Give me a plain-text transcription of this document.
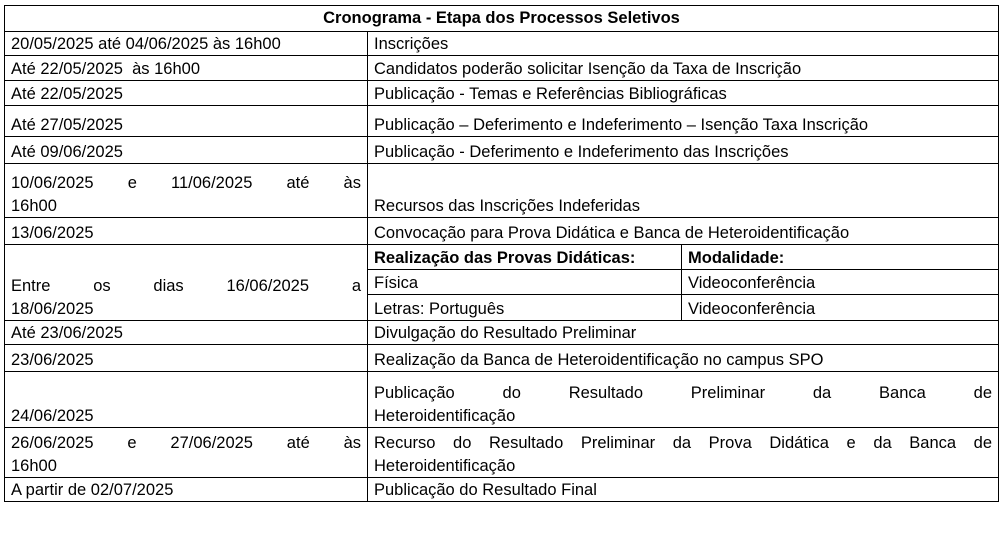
Cronograma - Etapa dos Processos Seletivos		
20/05/2025 até 04/06/2025 às 16h00	Inscrições	
Até 22/05/2025  às 16h00	Candidatos poderão solicitar Isenção da Taxa de Inscrição	
Até 22/05/2025	Publicação - Temas e Referências Bibliográficas	
Até 27/05/2025	Publicação – Deferimento e Indeferimento – Isenção Taxa Inscrição	
Até 09/06/2025	Publicação - Deferimento e Indeferimento das Inscrições	

10/06/2025 e 11/06/2025 até às
16h00	Recursos das Inscrições Indeferidas	
13/06/2025	Convocação para Prova Didática e Banca de Heteroidentificação	

Entre os dias 16/06/2025 a
18/06/2025	Realização das Provas Didáticas:	Modalidade:
	Física	Videoconferência
	Letras: Português	Videoconferência
Até 23/06/2025	Divulgação do Resultado Preliminar	
23/06/2025	Realização da Banca de Heteroidentificação no campus SPO	
24/06/2025	Publicação do Resultado Preliminar da Banca de
Heteroidentificação	

26/06/2025 e 27/06/2025 até às
16h00	Recurso do Resultado Preliminar da Prova Didática e da Banca de
Heteroidentificação	

A partir de 02/07/2025	Publicação do Resultado Final	
